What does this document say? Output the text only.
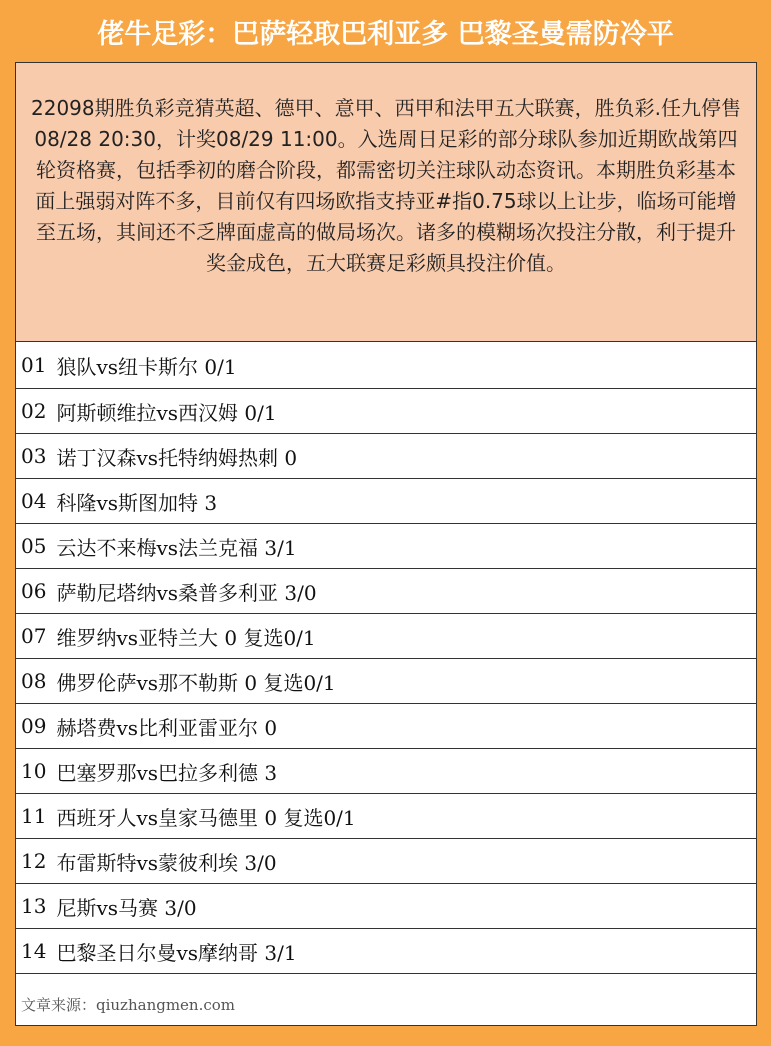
佬牛足彩：巴萨轻取巴利亚多 巴黎圣曼需防冷平
22098期胜负彩竞猜英超、德甲、意甲、西甲和法甲五大联赛，胜负彩.任九停售08/28 20:30，计奖08/29 11:00。入选周日足彩的部分球队参加近期欧战第四轮资格赛，包括季初的磨合阶段，都需密切关注球队动态资讯。本期胜负彩基本面上强弱对阵不多，目前仅有四场欧指支持亚#指0.75球以上让步，临场可能增至五场，其间还不乏牌面虚高的做局场次。诸多的模糊场次投注分散，利于提升奖金成色，五大联赛足彩颇具投注价值。
01 狼队vs纽卡斯尔 0/1
02 阿斯顿维拉vs西汉姆 0/1
03 诺丁汉森vs托特纳姆热刺 0
04 科隆vs斯图加特 3
05 云达不来梅vs法兰克福 3/1
06 萨勒尼塔纳vs桑普多利亚 3/0
07 维罗纳vs亚特兰大 0 复选0/1
08 佛罗伦萨vs那不勒斯 0 复选0/1
09 赫塔费vs比利亚雷亚尔 0
10 巴塞罗那vs巴拉多利德 3
11 西班牙人vs皇家马德里 0 复选0/1
12 布雷斯特vs蒙彼利埃 3/0
13 尼斯vs马赛 3/0
14 巴黎圣日尔曼vs摩纳哥 3/1
文章来源：qiuzhangmen.com
